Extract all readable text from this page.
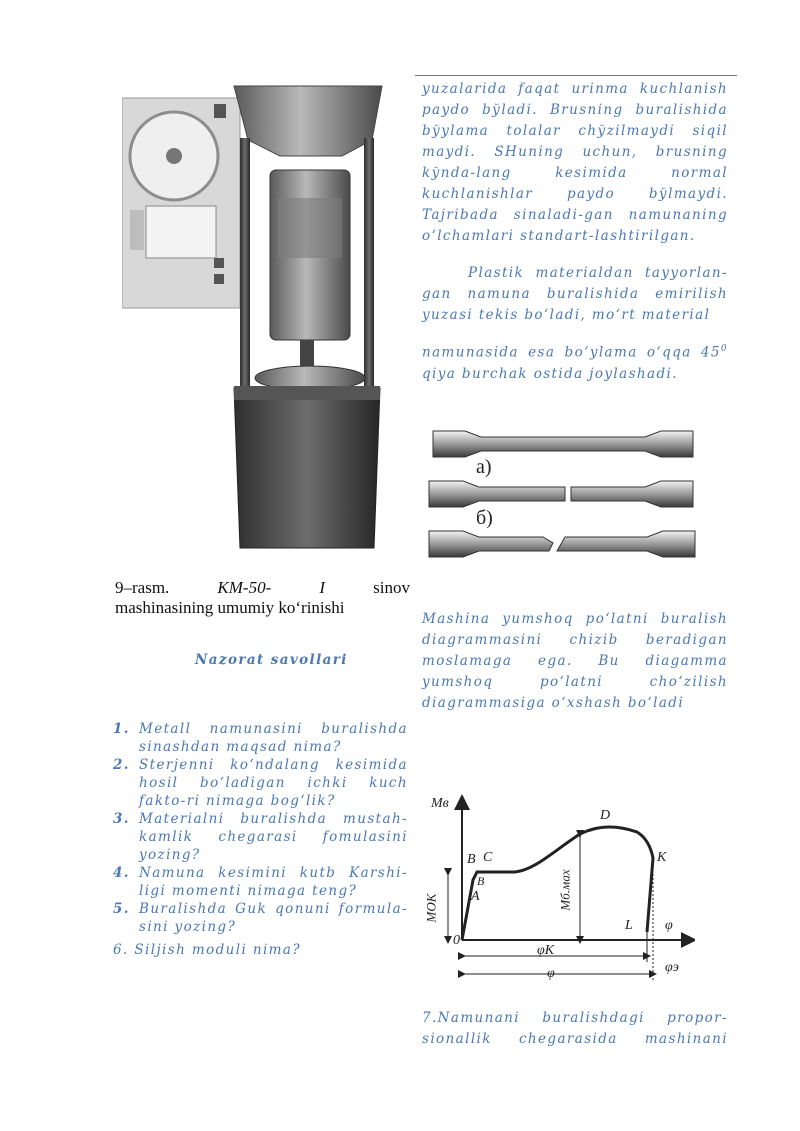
yuzalarida faqat urinma kuchlanish paydo bўladi. Brusning buralishida bўylama tolalar chўzilmaydi siqil maydi. SHuning uchun, brusning kўnda-lang kesimida normal kuchlanishlar paydo bўlmaydi. Tajribada sinaladi-gan namunaning o‘lchamlari standart-lashtirilgan.

Plastik materialdan tayyorlan-gan namuna buralishida emirilish yuzasi tekis bo‘ladi, mo‘rt material

namunasida esa bo‘ylama o‘qqa $45^0$

qiya burchak ostida joylashadi.

а)
б)

Mashina yumshoq po‘latni buralish diagrammasini chizib beradigan moslamaga ega. Bu diagamma yumshoq po‘latni cho‘zilish diagrammasiga o‘xshash bo‘ladi

Mв
0
A
B C
B
D
K
L
MOK	Mб.мах
φ
φK
φ	φэ

7.Namunani buralishdagi propor-sionallik chegarasida mashinani

9–rasm.	KM-50-	I	sinov
mashinasining umumiy ko‘rinishi
Nazorat savollari
1. Metall namunasini buralishda sinashdan maqsad nima?
2. Sterjenni ko‘ndalang kesimida hosil bo‘ladigan ichki kuch fakto-ri nimaga bog‘lik?
3. Materialni buralishda mustah-kamlik chegarasi fomulasini yozing?
4. Namuna kesimini kutb Karshi-ligi momenti nimaga teng?
5. Buralishda Guk qonuni formula-sini yozing?
6. Siljish moduli nima?
